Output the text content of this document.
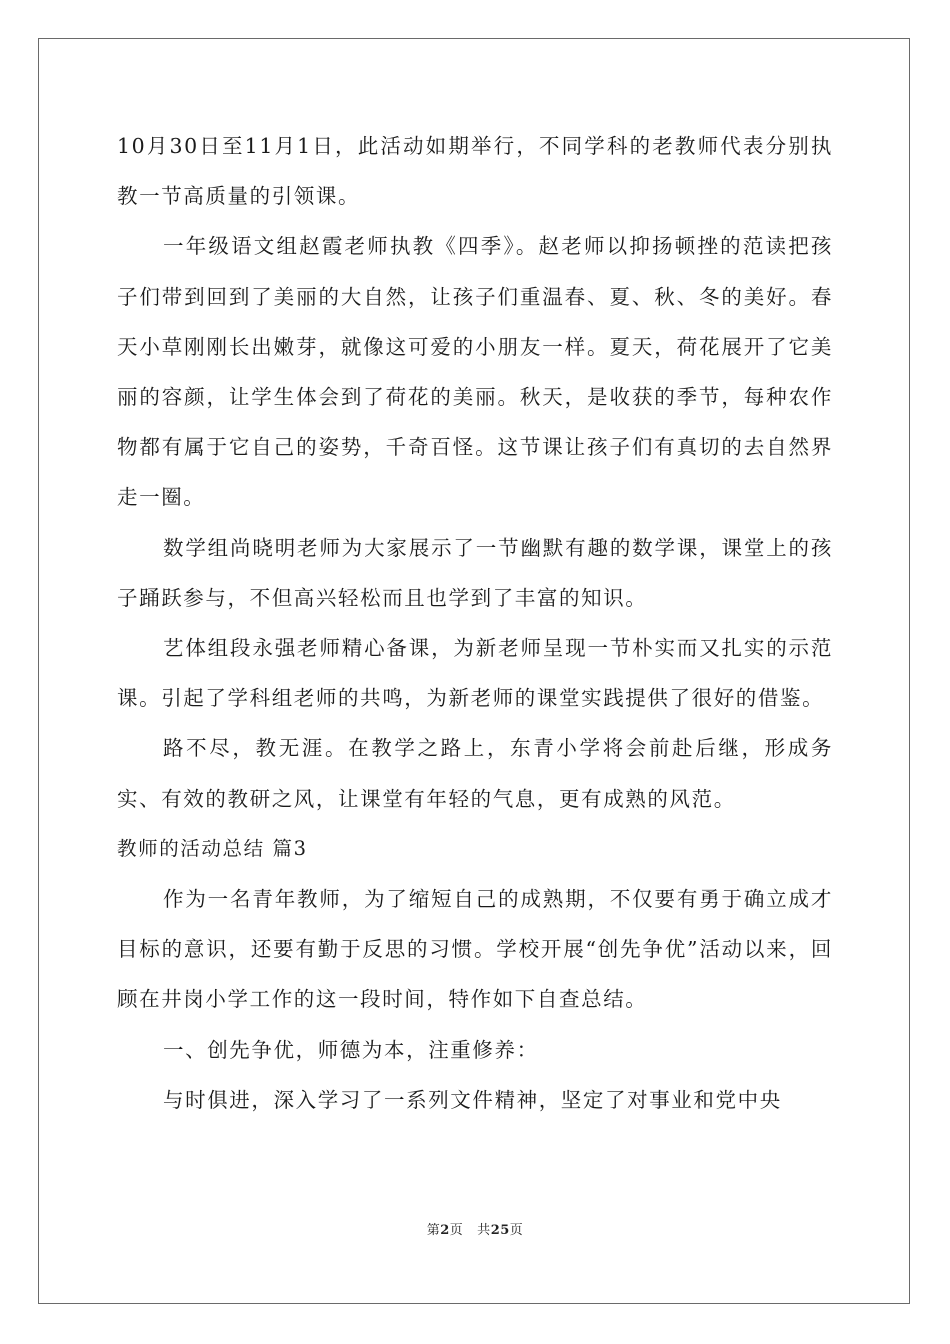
10月30日至11月1日，此活动如期举行，不同学科的老教师代表分别执教一节高质量的引领课。

一年级语文组赵霞老师执教《四季》。赵老师以抑扬顿挫的范读把孩子们带到回到了美丽的大自然，让孩子们重温春、夏、秋、冬的美好。春天小草刚刚长出嫩芽，就像这可爱的小朋友一样。夏天，荷花展开了它美丽的容颜，让学生体会到了荷花的美丽。秋天，是收获的季节，每种农作物都有属于它自己的姿势，千奇百怪。这节课让孩子们有真切的去自然界走一圈。

数学组尚晓明老师为大家展示了一节幽默有趣的数学课，课堂上的孩子踊跃参与，不但高兴轻松而且也学到了丰富的知识。

艺体组段永强老师精心备课，为新老师呈现一节朴实而又扎实的示范课。引起了学科组老师的共鸣，为新老师的课堂实践提供了很好的借鉴。

路不尽，教无涯。在教学之路上，东青小学将会前赴后继，形成务实、有效的教研之风，让课堂有年轻的气息，更有成熟的风范。

教师的活动总结 篇3

作为一名青年教师，为了缩短自己的成熟期，不仅要有勇于确立成才目标的意识，还要有勤于反思的习惯。学校开展“创先争优”活动以来，回顾在井岗小学工作的这一段时间，特作如下自查总结。

一、创先争优，师德为本，注重修养：

与时俱进，深入学习了一系列文件精神，坚定了对事业和党中央

第2页 共25页
